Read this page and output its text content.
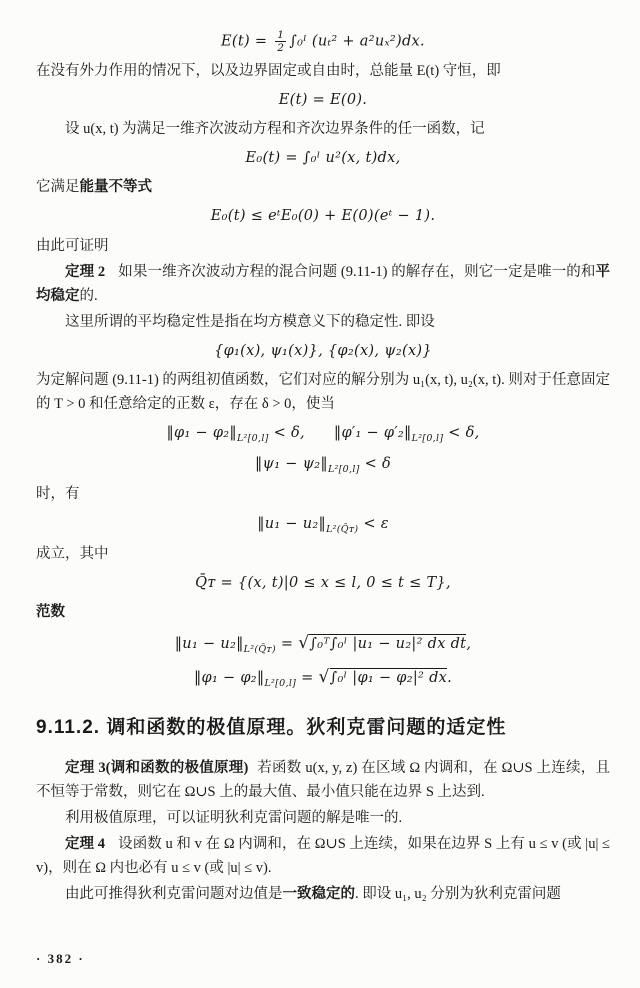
$E(t) = \frac{1}{2}$ ∫₀ˡ (uₜ² + a²uₓ²)dx.

在没有外力作用的情况下，以及边界固定或自由时，总能量 E(t) 守恒，即

E(t) = E(0).

设 u(x, t) 为满足一维齐次波动方程和齐次边界条件的任一函数，记

E₀(t) = ∫₀ˡ u²(x, t)dx,

它满足能量不等式

E₀(t) ≤ eᵗE₀(0) + E(0)(eᵗ − 1).

由此可证明

定理 2 如果一维齐次波动方程的混合问题 (9.11-1) 的解存在，则它一定是唯一的和平均稳定的.

这里所谓的平均稳定性是指在均方模意义下的稳定性. 即设

{φ₁(x), ψ₁(x)}, {φ₂(x), ψ₂(x)}

为定解问题 (9.11-1) 的两组初值函数，它们对应的解分别为 u₁(x, t), u₂(x, t). 则对于任意固定的 T > 0 和任意给定的正数 ε，存在 δ > 0，使当

‖φ₁ − $\varphi_2‖_{L^2[0,l]} < \delta$, ‖φ′₁ − $\varphi'_2‖_{L^2[0,l]} < \delta$,
‖ψ₁ − $\psi_2‖_{L^2[0,l]} < \delta$

时，有

‖u₁ − $u_2‖_{L^2(Q̄ᴛ)} < \varepsilon$

成立，其中

Q̄ᴛ = {(x, t)|0 ≤ x ≤ l, 0 ≤ t ≤ T},

范数

‖u₁ − $u_2‖_{L^2(Q̄ᴛ)}$ = √∫₀ᵀ∫₀ˡ |u₁ − u₂|² dx dt,
‖φ₁ − $\varphi_2‖_{L^2[0,l]}$ = √∫₀ˡ |φ₁ − φ₂|² dx.
9.11.2. 调和函数的极值原理。狄利克雷问题的适定性

定理 3(调和函数的极值原理) 若函数 u(x, y, z) 在区域 Ω 内调和，在 Ω∪S 上连续，且不恒等于常数，则它在 Ω∪S 上的最大值、最小值只能在边界 S 上达到.

利用极值原理，可以证明狄利克雷问题的解是唯一的.

定理 4 设函数 u 和 v 在 Ω 内调和，在 Ω∪S 上连续，如果在边界 S 上有 u ≤ v (或 |u| ≤ v)，则在 Ω 内也必有 u ≤ v (或 |u| ≤ v).

由此可推得狄利克雷问题对边值是一致稳定的. 即设 u₁, u₂ 分别为狄利克雷问题

· 382 ·
